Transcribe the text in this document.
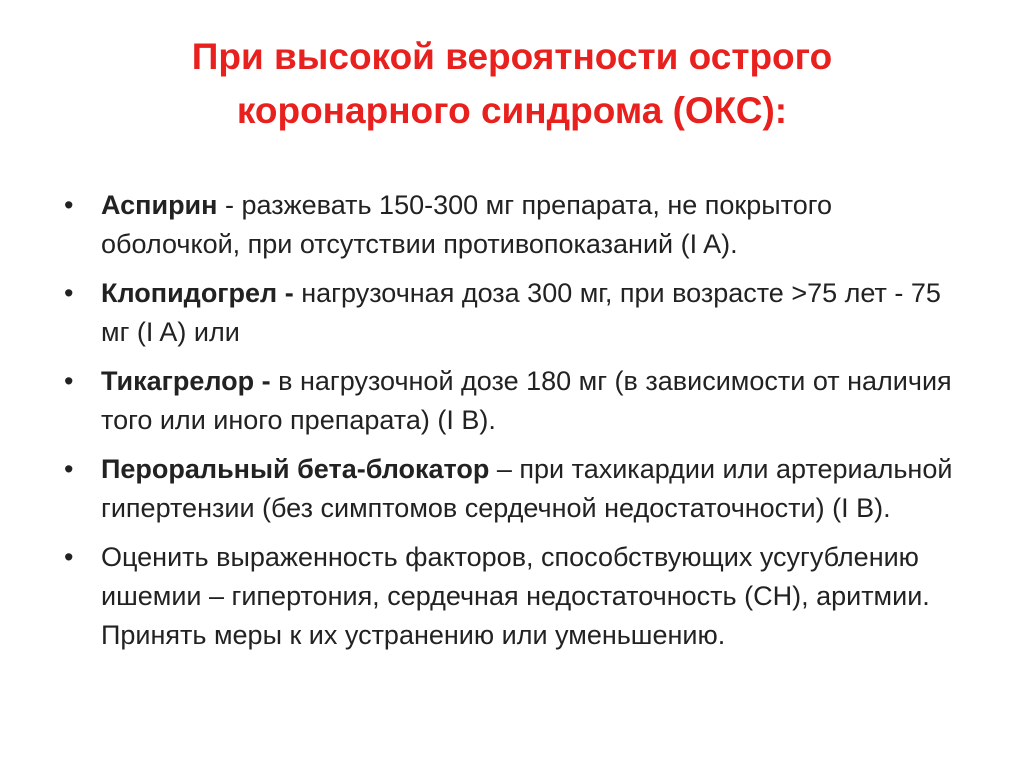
При высокой вероятности острого
коронарного синдрома (ОКС):
•	Аспирин - разжевать 150-300 мг препарата, не покрытого оболочкой, при отсутствии противопоказаний (I A).
•	Клопидогрел - нагрузочная доза 300 мг, при возрасте >75 лет - 75 мг (I A) или
•	Тикагрелор - в нагрузочной дозе 180 мг (в зависимости от наличия того или иного препарата) (I B).
•	Пероральный бета-блокатор – при тахикардии или артериальной гипертензии (без симптомов сердечной недостаточности) (I B).
•	Оценить выраженность факторов, способствующих усугублению ишемии – гипертония, сердечная недостаточность (СН), аритмии. Принять меры к их устранению или уменьшению.
